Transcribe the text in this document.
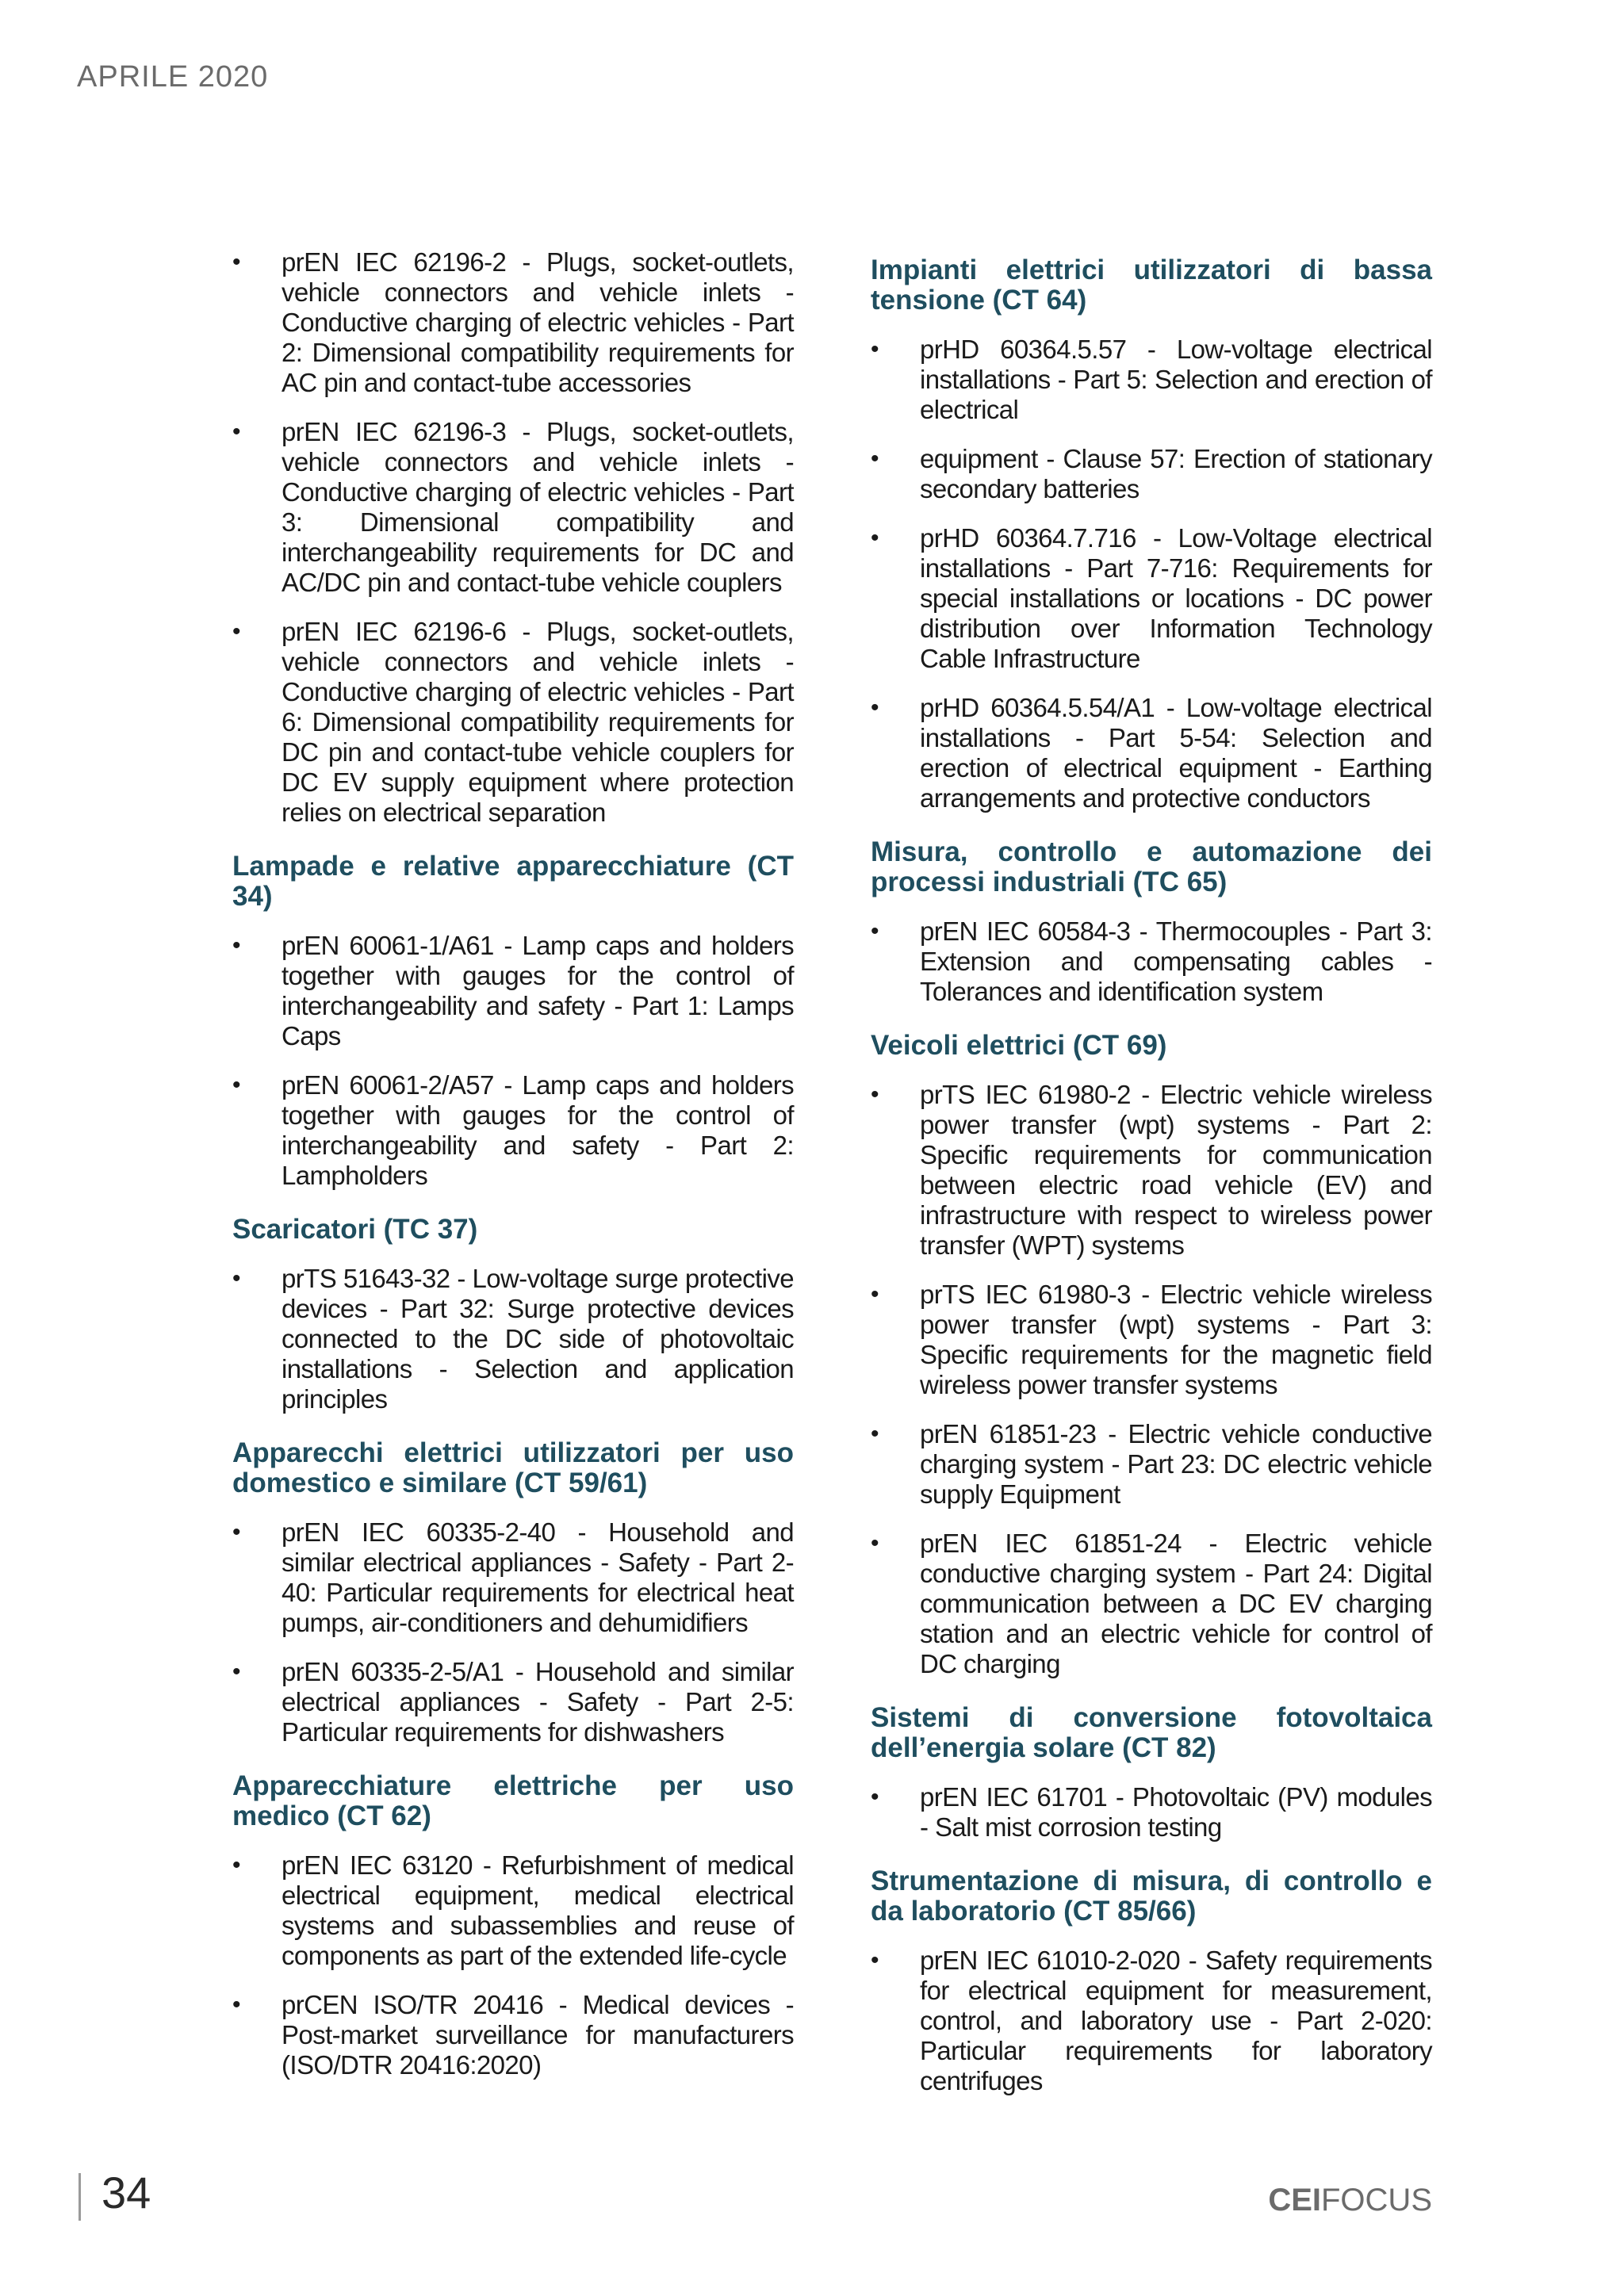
APRILE 2020
•	prEN IEC 62196-2 - Plugs, socket-outlets, vehicle connectors and vehicle inlets - Conductive charging of electric vehicles - Part 2: Dimensional compatibility requirements for AC pin and contact-tube accessories
•	prEN IEC 62196-3 - Plugs, socket-outlets, vehicle connectors and vehicle inlets - Conductive charging of electric vehicles - Part 3: Dimensional compatibility and interchangeability requirements for DC and AC/DC pin and contact-tube vehicle couplers
•	prEN IEC 62196-6 - Plugs, socket-outlets, vehicle connectors and vehicle inlets - Conductive charging of electric vehicles - Part 6: Dimensional compatibility requirements for DC pin and contact-tube vehicle couplers for DC EV supply equipment where protection relies on electrical separation
Lampade e relative apparecchiature (CT 34)
•	prEN 60061-1/A61 - Lamp caps and holders together with gauges for the control of interchangeability and safety - Part 1: Lamps Caps
•	prEN 60061-2/A57 - Lamp caps and holders together with gauges for the control of interchangeability and safety - Part 2: Lampholders
Scaricatori (TC 37)
•	prTS 51643-32 - Low-voltage surge protective devices - Part 32: Surge protective devices connected to the DC side of photovoltaic installations - Selection and application principles
Apparecchi elettrici utilizzatori per uso domestico e similare (CT 59/61)
•	prEN IEC 60335-2-40 - Household and similar electrical appliances - Safety - Part 2-40: Particular requirements for electrical heat pumps, air-conditioners and dehumidifiers
•	prEN 60335-2-5/A1 - Household and similar electrical appliances - Safety - Part 2-5: Particular requirements for dishwashers
Apparecchiature elettriche per uso medico (CT 62)
•	prEN IEC 63120 - Refurbishment of medical electrical equipment, medical electrical systems and subassemblies and reuse of components as part of the extended life-cycle
•	prCEN ISO/TR 20416 - Medical devices - Post-market surveillance for manufacturers (ISO/DTR 20416:2020)
Impianti elettrici utilizzatori di bassa tensione (CT 64)
•	prHD 60364.5.57 - Low-voltage electrical installations - Part 5: Selection and erection of electrical
•	equipment - Clause 57: Erection of stationary secondary batteries
•	prHD 60364.7.716 - Low-Voltage electrical installations - Part 7-716: Requirements for special installations or locations - DC power distribution over Information Technology Cable Infrastructure
•	prHD 60364.5.54/A1 - Low-voltage electrical installations - Part 5-54: Selection and erection of electrical equipment - Earthing arrangements and protective conductors
Misura, controllo e automazione dei processi industriali (TC 65)
•	prEN IEC 60584-3 - Thermocouples - Part 3: Extension and compensating cables - Tolerances and identification system
Veicoli elettrici (CT 69)
•	prTS IEC 61980-2 - Electric vehicle wireless power transfer (wpt) systems - Part 2: Specific requirements for communication between electric road vehicle (EV) and infrastructure with respect to wireless power transfer (WPT) systems
•	prTS IEC 61980-3 - Electric vehicle wireless power transfer (wpt) systems - Part 3: Specific requirements for the magnetic field wireless power transfer systems
•	prEN 61851-23 - Electric vehicle conductive charging system - Part 23: DC electric vehicle supply Equipment
•	prEN IEC 61851-24 - Electric vehicle conductive charging system - Part 24: Digital communication between a DC EV charging station and an electric vehicle for control of DC charging
Sistemi di conversione fotovoltaica dell’energia solare (CT 82)
•	prEN IEC 61701 - Photovoltaic (PV) modules - Salt mist corrosion testing
Strumentazione di misura, di controllo e da laboratorio (CT 85/66)
•	prEN IEC 61010-2-020 - Safety requirements for electrical equipment for measurement, control, and laboratory use - Part 2-020: Particular requirements for laboratory centrifuges
34	CEIFOCUS
